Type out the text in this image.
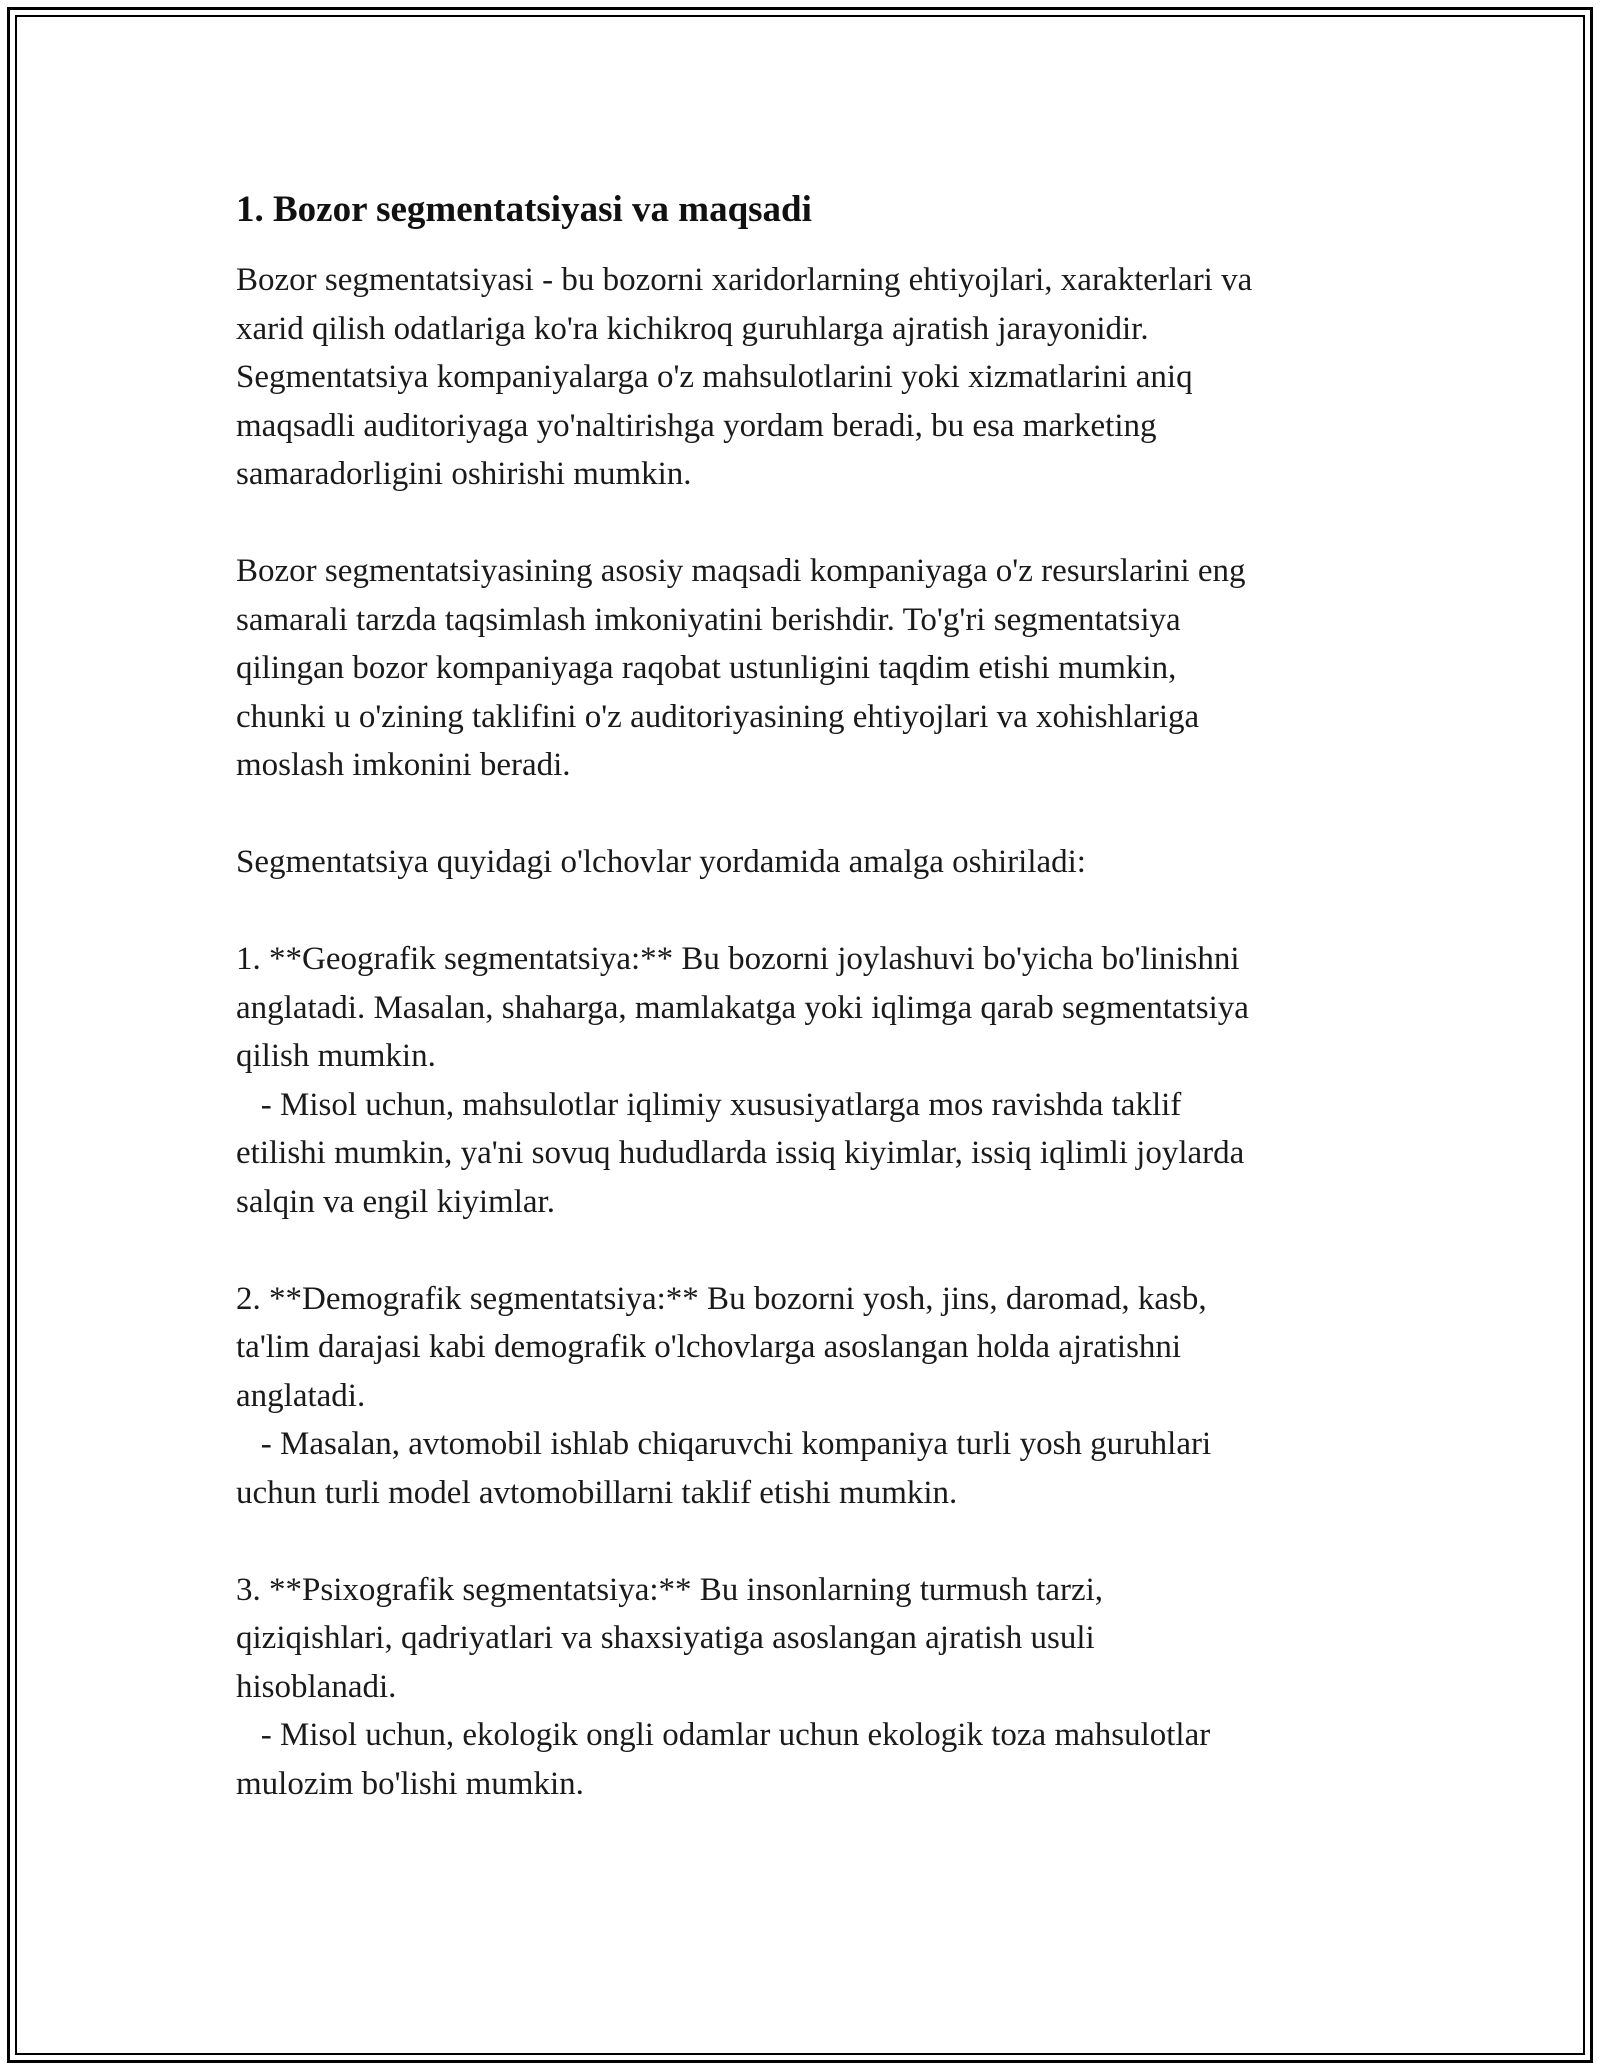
1. Bozor segmentatsiyasi va maqsadi

Bozor segmentatsiyasi - bu bozorni xaridorlarning ehtiyojlari, xarakterlari va
xarid qilish odatlariga ko'ra kichikroq guruhlarga ajratish jarayonidir.
Segmentatsiya kompaniyalarga o'z mahsulotlarini yoki xizmatlarini aniq
maqsadli auditoriyaga yo'naltirishga yordam beradi, bu esa marketing
samaradorligini oshirishi mumkin.

Bozor segmentatsiyasining asosiy maqsadi kompaniyaga o'z resurslarini eng
samarali tarzda taqsimlash imkoniyatini berishdir. To'g'ri segmentatsiya
qilingan bozor kompaniyaga raqobat ustunligini taqdim etishi mumkin,
chunki u o'zining taklifini o'z auditoriyasining ehtiyojlari va xohishlariga
moslash imkonini beradi.

Segmentatsiya quyidagi o'lchovlar yordamida amalga oshiriladi:

1. **Geografik segmentatsiya:** Bu bozorni joylashuvi bo'yicha bo'linishni
anglatadi. Masalan, shaharga, mamlakatga yoki iqlimga qarab segmentatsiya
qilish mumkin.
- Misol uchun, mahsulotlar iqlimiy xususiyatlarga mos ravishda taklif
etilishi mumkin, ya'ni sovuq hududlarda issiq kiyimlar, issiq iqlimli joylarda
salqin va engil kiyimlar.

2. **Demografik segmentatsiya:** Bu bozorni yosh, jins, daromad, kasb,
ta'lim darajasi kabi demografik o'lchovlarga asoslangan holda ajratishni
anglatadi.
- Masalan, avtomobil ishlab chiqaruvchi kompaniya turli yosh guruhlari
uchun turli model avtomobillarni taklif etishi mumkin.

3. **Psixografik segmentatsiya:** Bu insonlarning turmush tarzi,
qiziqishlari, qadriyatlari va shaxsiyatiga asoslangan ajratish usuli
hisoblanadi.
- Misol uchun, ekologik ongli odamlar uchun ekologik toza mahsulotlar
mulozim bo'lishi mumkin.
